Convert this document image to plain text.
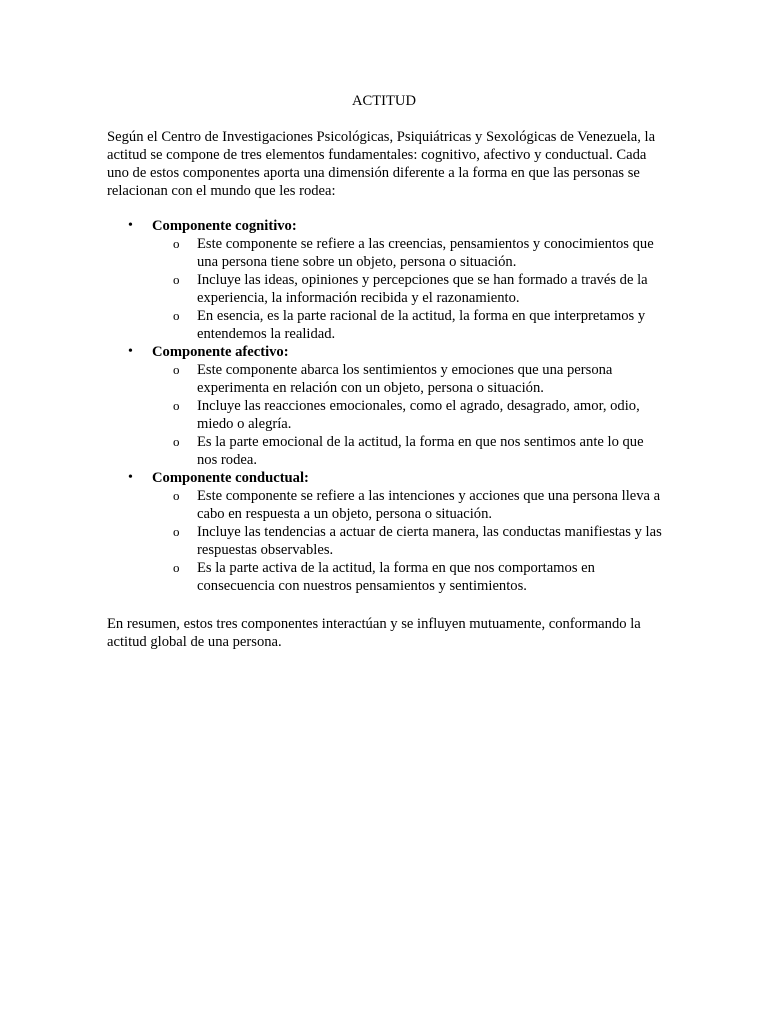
ACTITUD

Según el Centro de Investigaciones Psicológicas, Psiquiátricas y Sexológicas de Venezuela, la actitud se compone de tres elementos fundamentales: cognitivo, afectivo y conductual. Cada uno de estos componentes aporta una dimensión diferente a la forma en que las personas se relacionan con el mundo que les rodea:

• Componente cognitivo:
o Este componente se refiere a las creencias, pensamientos y conocimientos que una persona tiene sobre un objeto, persona o situación.
o Incluye las ideas, opiniones y percepciones que se han formado a través de la experiencia, la información recibida y el razonamiento.
o En esencia, es la parte racional de la actitud, la forma en que interpretamos y entendemos la realidad.
• Componente afectivo:
o Este componente abarca los sentimientos y emociones que una persona experimenta en relación con un objeto, persona o situación.
o Incluye las reacciones emocionales, como el agrado, desagrado, amor, odio, miedo o alegría.
o Es la parte emocional de la actitud, la forma en que nos sentimos ante lo que nos rodea.
• Componente conductual:
o Este componente se refiere a las intenciones y acciones que una persona lleva a cabo en respuesta a un objeto, persona o situación.
o Incluye las tendencias a actuar de cierta manera, las conductas manifiestas y las respuestas observables.
o Es la parte activa de la actitud, la forma en que nos comportamos en consecuencia con nuestros pensamientos y sentimientos.

En resumen, estos tres componentes interactúan y se influyen mutuamente, conformando la actitud global de una persona.
